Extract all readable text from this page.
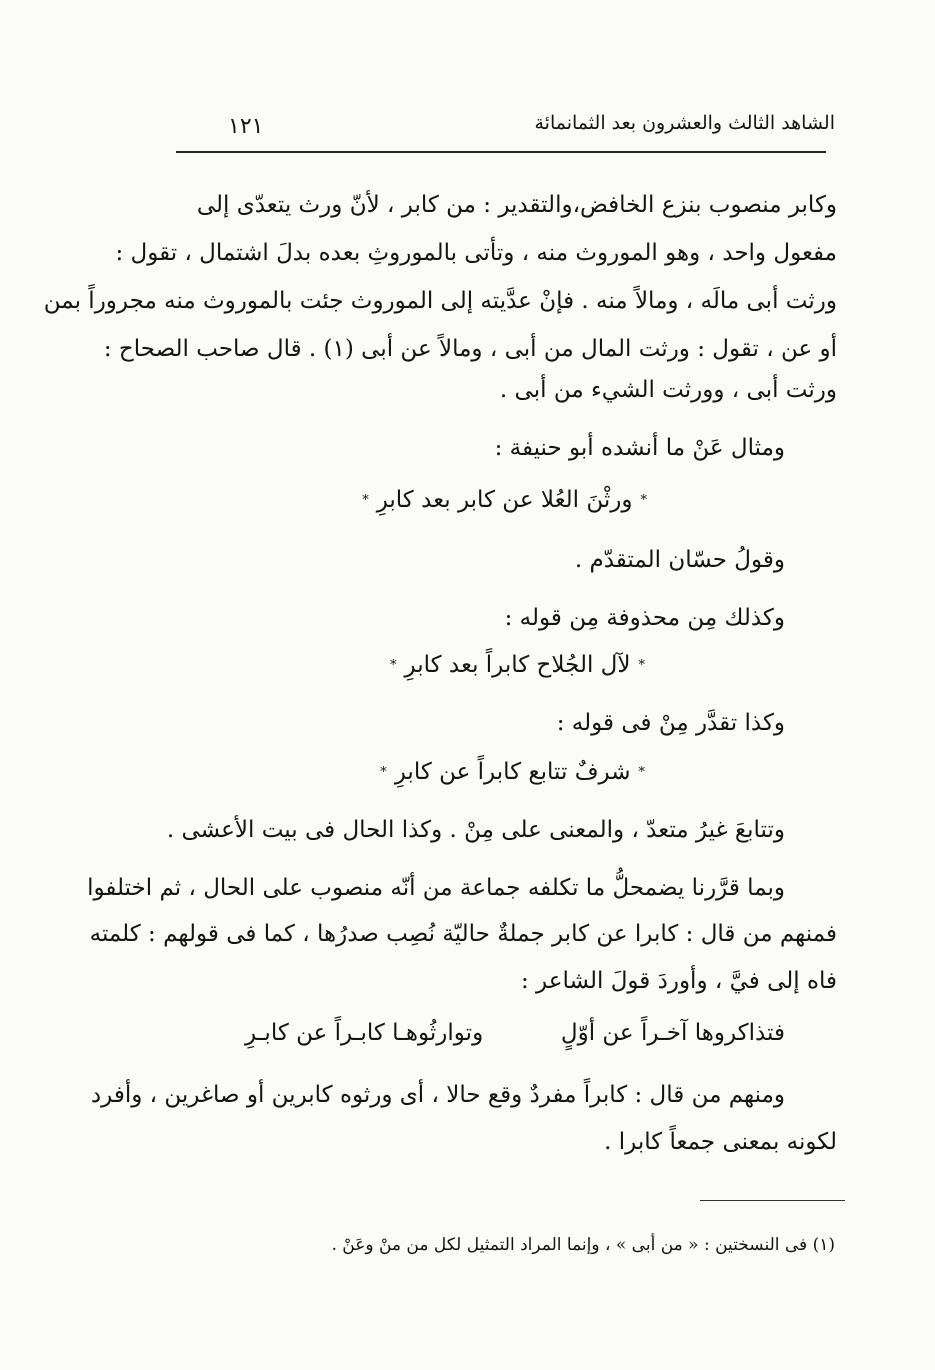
الشاهد الثالث والعشرون بعد الثمانمائة
١٢١
وكابر منصوب بنزع الخافض،والتقدير : من كابر ، لأنّ ورث يتعدّى إلى
مفعول واحد ، وهو الموروث منه ، وتأتى بالموروثِ بعده بدلَ اشتمال ، تقول :
ورثت أبى مالَه ، ومالاً منه . فإنْ عدَّيته إلى الموروث جئت بالموروث منه مجروراً بمن
أو عن ، تقول : ورثت المال من أبى ، ومالاً عن أبى (١) . قال صاحب الصحاح :
ورثت أبى ، وورثت الشيء من أبى .
ومثال عَنْ ما أنشده أبو حنيفة :
*ورثْنَ العُلا عن كابر بعد كابرِ*
وقولُ حسّان المتقدّم .
وكذلك مِن محذوفة مِن قوله :
*لآل الجُلاح كابراً بعد كابرِ*
وكذا تقدَّر مِنْ فى قوله :
*شرفٌ تتابع كابراً عن كابرِ*
وتتابعَ غيرُ متعدّ ، والمعنى على مِنْ . وكذا الحال فى بيت الأعشى .
وبما قرَّرنا يضمحلُّ ما تكلفه جماعة من أنّه منصوب على الحال ، ثم اختلفوا
فمنهم من قال : كابرا عن كابر جملةٌ حاليّة نُصِب صدرُها ، كما فى قولهم : كلمته
فاه إلى فيَّ ، وأوردَ قولَ الشاعر :
فتذاكروها آخـراً عن أوّلٍ
وتوارثُوهـا كابـراً عن كابـرِ
ومنهم من قال : كابراً مفردٌ وقع حالا ، أى ورثوه كابرين أو صاغرين ، وأفرد
لكونه بمعنى جمعاً كابرا .
(١) فى النسختين : « من أبى » ، وإنما المراد التمثيل لكل من منْ وعَنْ .
